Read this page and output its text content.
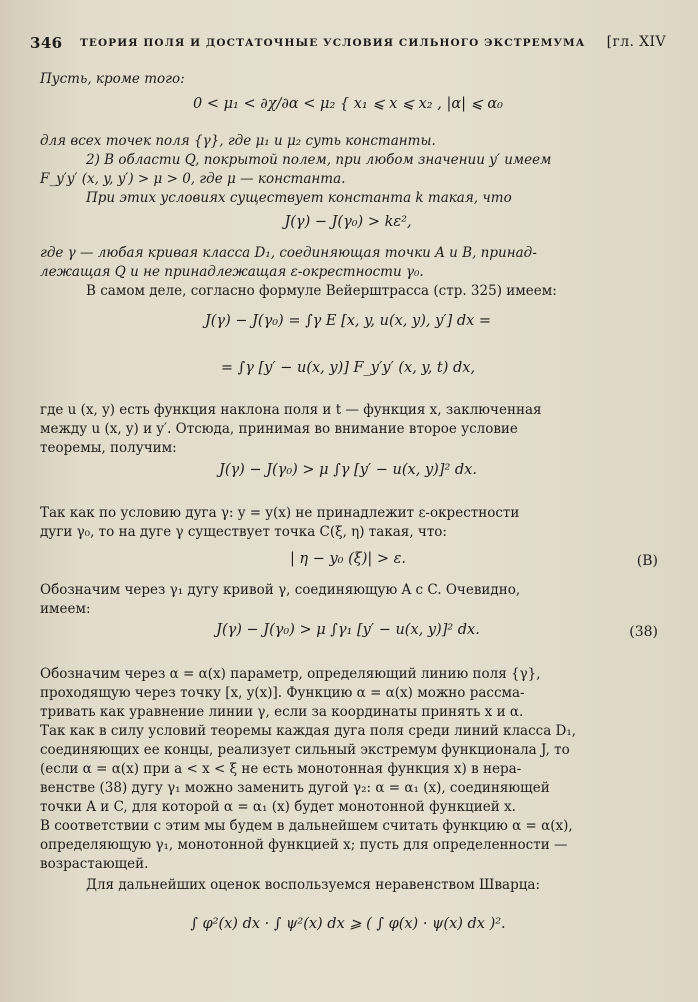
346 ТЕОРИЯ ПОЛЯ И ДОСТАТОЧНЫЕ УСЛОВИЯ СИЛЬНОГО ЭКСТРЕМУМА [гл. XIV
Пусть, кроме того:
0 < μ₁ < ∂χ/∂α < μ₂ { x₁ ⩽ x ⩽ x₂ , |α| ⩽ α₀
для всех точек поля {γ}, где μ₁ и μ₂ суть константы.
2) В области Q, покрытой полем, при любом значении y′ имеем
F_y′y′ (x, y, y′) > μ > 0, где μ — константа.
При этих условиях существует константа k такая, что
J(γ) − J(γ₀) > kε²,
где γ — любая кривая класса D₁, соединяющая точки A и B, принад-
лежащая Q и не принадлежащая ε-окрестности γ₀.
В самом деле, согласно формуле Вейерштрасса (стр. 325) имеем:
J(γ) − J(γ₀) = ∫γ E [x, y, u(x, y), y′] dx =
= ∫γ [y′ − u(x, y)] F_y′y′ (x, y, t) dx,
где u (x, y) есть функция наклона поля и t — функция x, заключенная
между u (x, y) и y′. Отсюда, принимая во внимание второе условие
теоремы, получим:
J(γ) − J(γ₀) > μ ∫γ [y′ − u(x, y)]² dx.
Так как по условию дуга γ: y = y(x) не принадлежит ε-окрестности
дуги γ₀, то на дуге γ существует точка C(ξ, η) такая, что:
| η − y₀ (ξ)| > ε.	(B)
Обозначим через γ₁ дугу кривой γ, соединяющую A с C. Очевидно,
имеем:
J(γ) − J(γ₀) > μ ∫γ₁ [y′ − u(x, y)]² dx.	(38)
Обозначим через α = α(x) параметр, определяющий линию поля {γ},
проходящую через точку [x, y(x)]. Функцию α = α(x) можно рассма-
тривать как уравнение линии γ, если за координаты принять x и α.
Так как в силу условий теоремы каждая дуга поля среди линий класса D₁,
соединяющих ее концы, реализует сильный экстремум функционала J, то
(если α = α(x) при a < x < ξ не есть монотонная функция x) в нера-
венстве (38) дугу γ₁ можно заменить дугой γ₂: α = α₁ (x), соединяющей
точки A и C, для которой α = α₁ (x) будет монотонной функцией x.
В соответствии с этим мы будем в дальнейшем считать функцию α = α(x),
определяющую γ₁, монотонной функцией x; пусть для определенности —
возрастающей.
Для дальнейших оценок воспользуемся неравенством Шварца:
∫ φ²(x) dx · ∫ ψ²(x) dx ⩾ ( ∫ φ(x) · ψ(x) dx )².
